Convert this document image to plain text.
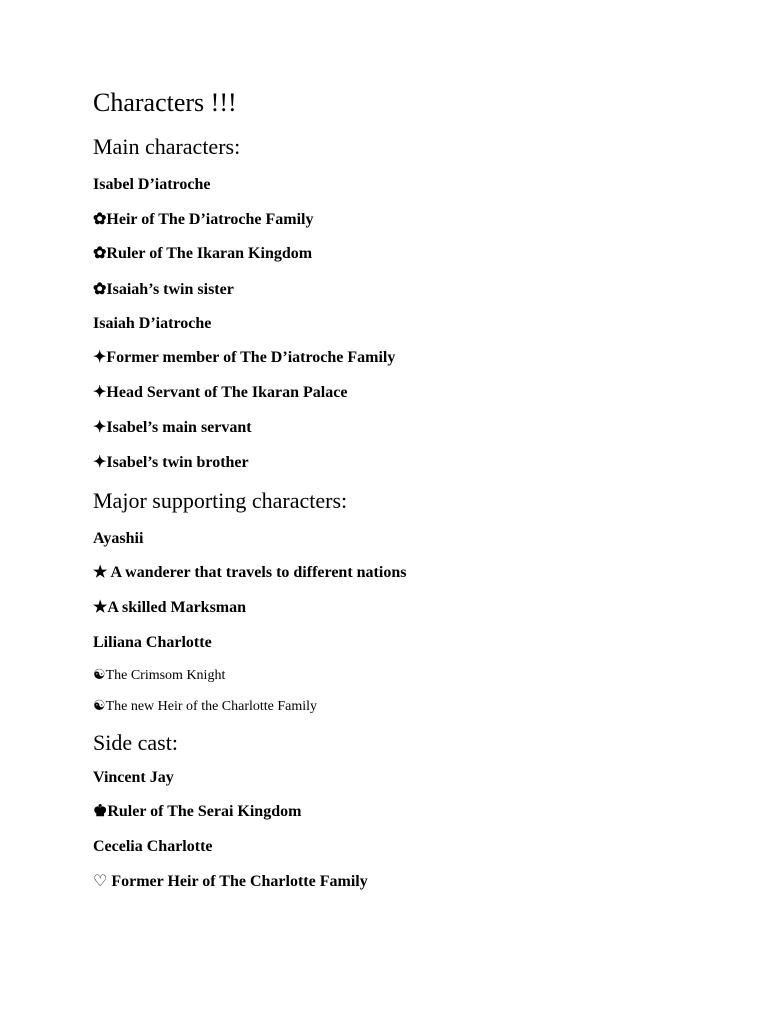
Characters !!!
Main characters:
Isabel D’iatroche
✿Heir of The D’iatroche Family
✿Ruler of The Ikaran Kingdom
✿Isaiah’s twin sister
Isaiah D’iatroche
✦Former member of The D’iatroche Family
✦Head Servant of The Ikaran Palace
✦Isabel’s main servant
✦Isabel’s twin brother
Major supporting characters:
Ayashii
★ A wanderer that travels to different nations
★A skilled Marksman
Liliana Charlotte
☯The Crimsom Knight
☯The new Heir of the Charlotte Family
Side cast:
Vincent Jay
♚Ruler of The Serai Kingdom
Cecelia Charlotte
♡ Former Heir of The Charlotte Family
